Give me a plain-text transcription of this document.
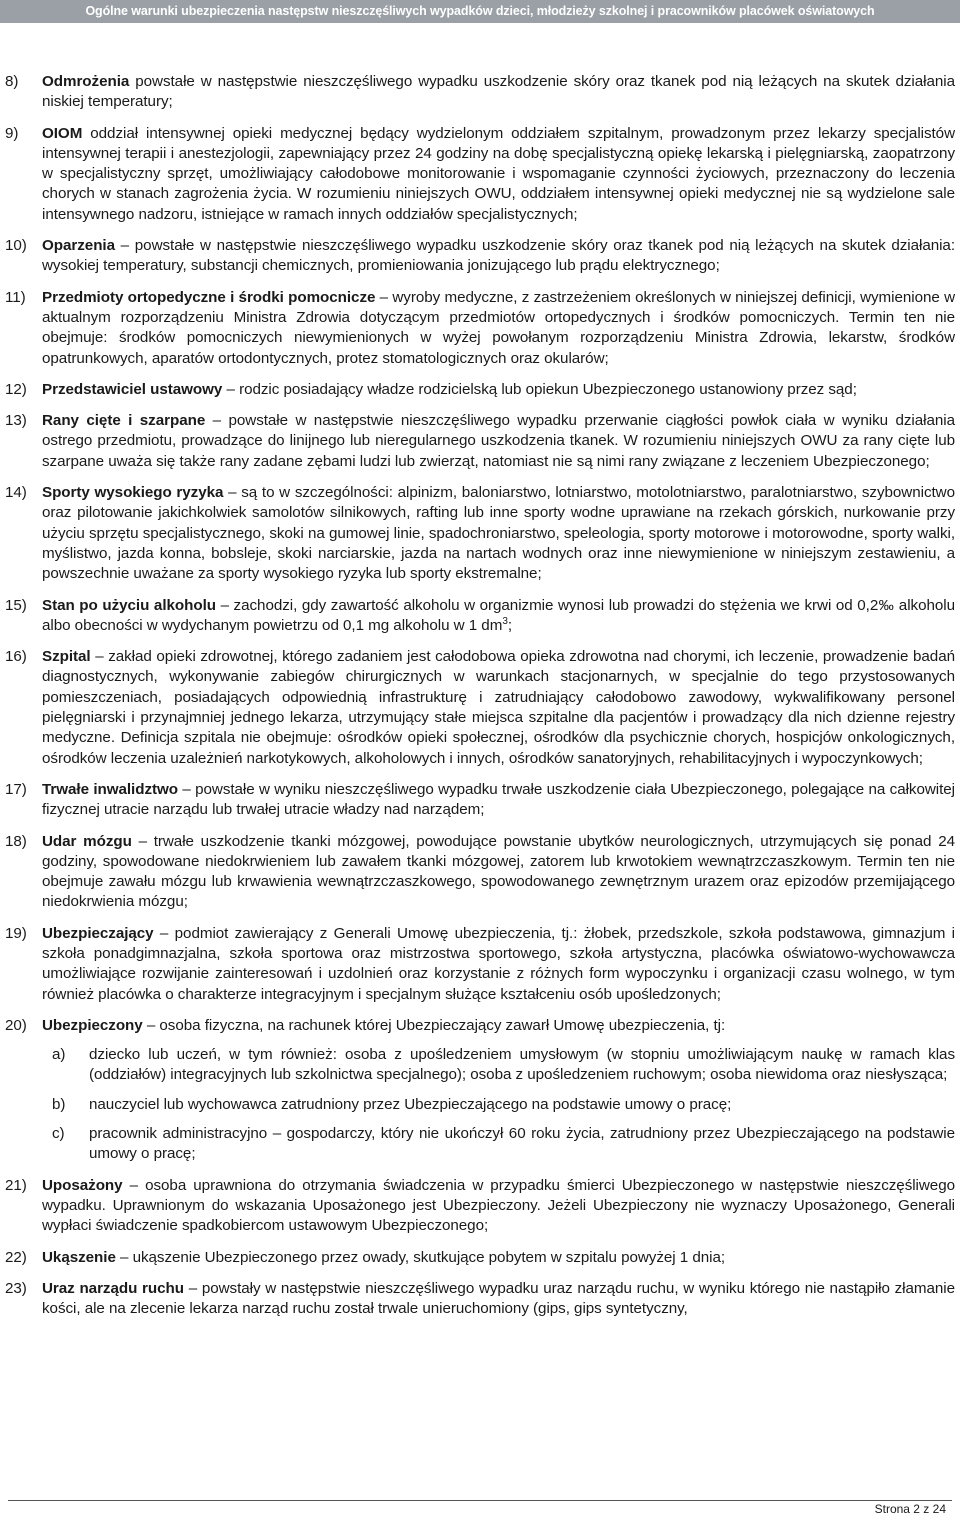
Ogólne warunki ubezpieczenia następstw nieszczęśliwych wypadków dzieci, młodzieży szkolnej i pracowników placówek oświatowych
8) Odmrożenia powstałe w następstwie nieszczęśliwego wypadku uszkodzenie skóry oraz tkanek pod nią leżących na skutek działania niskiej temperatury;
9) OIOM oddział intensywnej opieki medycznej będący wydzielonym oddziałem szpitalnym, prowadzonym przez lekarzy specjalistów intensywnej terapii i anestezjologii, zapewniający przez 24 godziny na dobę specjalistyczną opiekę lekarską i pielęgniarską, zaopatrzony w specjalistyczny sprzęt, umożliwiający całodobowe monitorowanie i wspomaganie czynności życiowych, przeznaczony do leczenia chorych w stanach zagrożenia życia. W rozumieniu niniejszych OWU, oddziałem intensywnej opieki medycznej nie są wydzielone sale intensywnego nadzoru, istniejące w ramach innych oddziałów specjalistycznych;
10) Oparzenia – powstałe w następstwie nieszczęśliwego wypadku uszkodzenie skóry oraz tkanek pod nią leżących na skutek działania: wysokiej temperatury, substancji chemicznych, promieniowania jonizującego lub prądu elektrycznego;
11) Przedmioty ortopedyczne i środki pomocnicze – wyroby medyczne, z zastrzeżeniem określonych w niniejszej definicji, wymienione w aktualnym rozporządzeniu Ministra Zdrowia dotyczącym przedmiotów ortopedycznych i środków pomocniczych. Termin ten nie obejmuje: środków pomocniczych niewymienionych w wyżej powołanym rozporządzeniu Ministra Zdrowia, lekarstw, środków opatrunkowych, aparatów ortodontycznych, protez stomatologicznych oraz okularów;
12) Przedstawiciel ustawowy – rodzic posiadający władze rodzicielską lub opiekun Ubezpieczonego ustanowiony przez sąd;
13) Rany cięte i szarpane – powstałe w następstwie nieszczęśliwego wypadku przerwanie ciągłości powłok ciała w wyniku działania ostrego przedmiotu, prowadzące do linijnego lub nieregularnego uszkodzenia tkanek. W rozumieniu niniejszych OWU za rany cięte lub szarpane uważa się także rany zadane zębami ludzi lub zwierząt, natomiast nie są nimi rany związane z leczeniem Ubezpieczonego;
14) Sporty wysokiego ryzyka – są to w szczególności: alpinizm, baloniarstwo, lotniarstwo, motolotniarstwo, paralotniarstwo, szybownictwo oraz pilotowanie jakichkolwiek samolotów silnikowych, rafting lub inne sporty wodne uprawiane na rzekach górskich, nurkowanie przy użyciu sprzętu specjalistycznego, skoki na gumowej linie, spadochroniarstwo, speleologia, sporty motorowe i motorowodne, sporty walki, myślistwo, jazda konna, bobsleje, skoki narciarskie, jazda na nartach wodnych oraz inne niewymienione w niniejszym zestawieniu, a powszechnie uważane za sporty wysokiego ryzyka lub sporty ekstremalne;
15) Stan po użyciu alkoholu – zachodzi, gdy zawartość alkoholu w organizmie wynosi lub prowadzi do stężenia we krwi od 0,2‰ alkoholu albo obecności w wydychanym powietrzu od 0,1 mg alkoholu w 1 $dm^3$;
16) Szpital – zakład opieki zdrowotnej, którego zadaniem jest całodobowa opieka zdrowotna nad chorymi, ich leczenie, prowadzenie badań diagnostycznych, wykonywanie zabiegów chirurgicznych w warunkach stacjonarnych, w specjalnie do tego przystosowanych pomieszczeniach, posiadających odpowiednią infrastrukturę i zatrudniający całodobowo zawodowy, wykwalifikowany personel pielęgniarski i przynajmniej jednego lekarza, utrzymujący stałe miejsca szpitalne dla pacjentów i prowadzący dla nich dzienne rejestry medyczne. Definicja szpitala nie obejmuje: ośrodków opieki społecznej, ośrodków dla psychicznie chorych, hospicjów onkologicznych, ośrodków leczenia uzależnień narkotykowych, alkoholowych i innych, ośrodków sanatoryjnych, rehabilitacyjnych i wypoczynkowych;
17) Trwałe inwalidztwo – powstałe w wyniku nieszczęśliwego wypadku trwałe uszkodzenie ciała Ubezpieczonego, polegające na całkowitej fizycznej utracie narządu lub trwałej utracie władzy nad narządem;
18) Udar mózgu – trwałe uszkodzenie tkanki mózgowej, powodujące powstanie ubytków neurologicznych, utrzymujących się ponad 24 godziny, spowodowane niedokrwieniem lub zawałem tkanki mózgowej, zatorem lub krwotokiem wewnątrzczaszkowym. Termin ten nie obejmuje zawału mózgu lub krwawienia wewnątrzczaszkowego, spowodowanego zewnętrznym urazem oraz epizodów przemijającego niedokrwienia mózgu;
19) Ubezpieczający – podmiot zawierający z Generali Umowę ubezpieczenia, tj.: żłobek, przedszkole, szkoła podstawowa, gimnazjum i szkoła ponadgimnazjalna, szkoła sportowa oraz mistrzostwa sportowego, szkoła artystyczna, placówka oświatowo-wychowawcza umożliwiające rozwijanie zainteresowań i uzdolnień oraz korzystanie z różnych form wypoczynku i organizacji czasu wolnego, w tym również placówka o charakterze integracyjnym i specjalnym służące kształceniu osób upośledzonych;
20) Ubezpieczony – osoba fizyczna, na rachunek której Ubezpieczający zawarł Umowę ubezpieczenia, tj:
a) dziecko lub uczeń, w tym również: osoba z upośledzeniem umysłowym (w stopniu umożliwiającym naukę w ramach klas (oddziałów) integracyjnych lub szkolnictwa specjalnego); osoba z upośledzeniem ruchowym; osoba niewidoma oraz niesłysząca;
b) nauczyciel lub wychowawca zatrudniony przez Ubezpieczającego na podstawie umowy o pracę;
c) pracownik administracyjno – gospodarczy, który nie ukończył 60 roku życia, zatrudniony przez Ubezpieczającego na podstawie umowy o pracę;
21) Uposażony – osoba uprawniona do otrzymania świadczenia w przypadku śmierci Ubezpieczonego w następstwie nieszczęśliwego wypadku. Uprawnionym do wskazania Uposażonego jest Ubezpieczony. Jeżeli Ubezpieczony nie wyznaczy Uposażonego, Generali wypłaci świadczenie spadkobiercom ustawowym Ubezpieczonego;
22) Ukąszenie – ukąszenie Ubezpieczonego przez owady, skutkujące pobytem w szpitalu powyżej 1 dnia;
23) Uraz narządu ruchu – powstały w następstwie nieszczęśliwego wypadku uraz narządu ruchu, w wyniku którego nie nastąpiło złamanie kości, ale na zlecenie lekarza narząd ruchu został trwale unieruchomiony (gips, gips syntetyczny,
Strona 2 z 24
